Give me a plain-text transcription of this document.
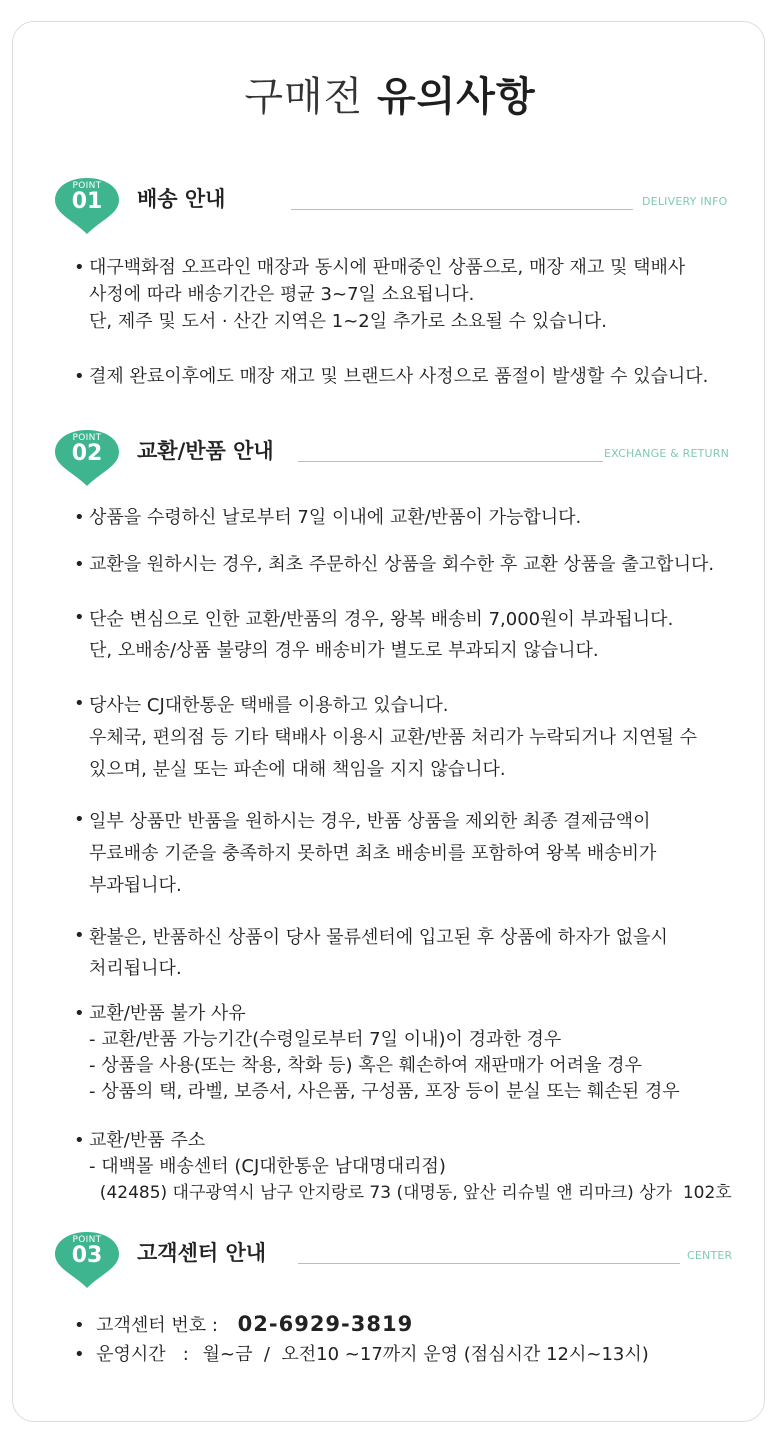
구매전 유의사항
POINT
01	배송 안내	DELIVERY INFO
• 대구백화점 오프라인 매장과 동시에 판매중인 상품으로, 매장 재고 및 택배사
사정에 따라 배송기간은 평균 3~7일 소요됩니다.
단, 제주 및 도서 · 산간 지역은 1~2일 추가로 소요될 수 있습니다.
• 결제 완료이후에도 매장 재고 및 브랜드사 사정으로 품절이 발생할 수 있습니다.
POINT
02	교환/반품 안내	EXCHANGE & RETURN
• 상품을 수령하신 날로부터 7일 이내에 교환/반품이 가능합니다.
• 교환을 원하시는 경우, 최초 주문하신 상품을 회수한 후 교환 상품을 출고합니다.
• 단순 변심으로 인한 교환/반품의 경우, 왕복 배송비 7,000원이 부과됩니다.
단, 오배송/상품 불량의 경우 배송비가 별도로 부과되지 않습니다.
• 당사는 CJ대한통운 택배를 이용하고 있습니다.
우체국, 편의점 등 기타 택배사 이용시 교환/반품 처리가 누락되거나 지연될 수
있으며, 분실 또는 파손에 대해 책임을 지지 않습니다.
• 일부 상품만 반품을 원하시는 경우, 반품 상품을 제외한 최종 결제금액이
무료배송 기준을 충족하지 못하면 최초 배송비를 포함하여 왕복 배송비가
부과됩니다.
• 환불은, 반품하신 상품이 당사 물류센터에 입고된 후 상품에 하자가 없을시
처리됩니다.
• 교환/반품 불가 사유
- 교환/반품 가능기간(수령일로부터 7일 이내)이 경과한 경우
- 상품을 사용(또는 착용, 착화 등) 혹은 훼손하여 재판매가 어려울 경우
- 상품의 택, 라벨, 보증서, 사은품, 구성품, 포장 등이 분실 또는 훼손된 경우
• 교환/반품 주소
- 대백몰 배송센터 (CJ대한통운 남대명대리점)
(42485) 대구광역시 남구 안지랑로 73 (대명동, 앞산 리슈빌 앤 리마크) 상가  102호
POINT
03	고객센터 안내	CENTER
•  고객센터 번호 : 02-6929-3819
•  운영시간   : 월~금  /  오전10 ~17까지 운영 (점심시간 12시~13시)
